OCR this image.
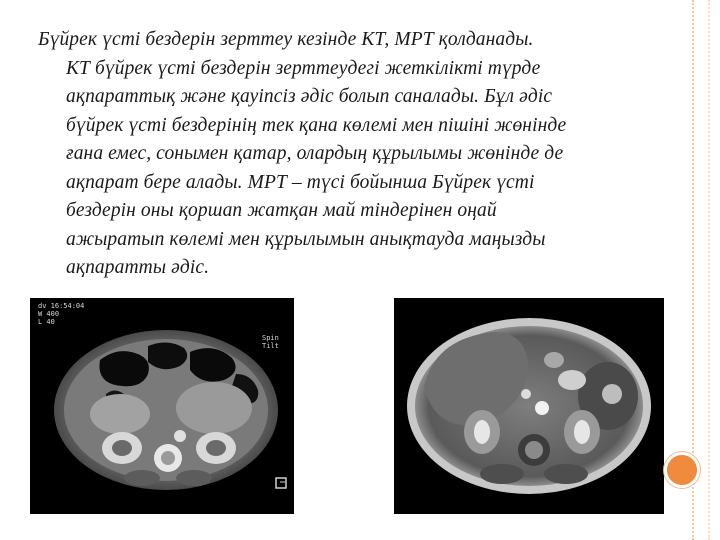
Бүйрек үсті бездерін зерттеу кезінде КТ, МРТ қолданады.
КТ бүйрек үсті бездерін зерттеудегі жеткілікті түрде
ақпараттық және қауіпсіз әдіс болып саналады. Бұл әдіс
бүйрек үсті бездерінің тек қана көлемі мен пішіні жөнінде
ғана емес, сонымен қатар, олардың құрылымы жөнінде де
ақпарат бере алады. МРТ – түсі бойынша Бүйрек үсті
бездерін оны қоршап жатқан май тіндерінен оңай
ажыратып көлемі мен құрылымын анықтауда маңызды
ақпаратты әдіс.
dv 16:54:04
W 400
L 40
Spin
Tilt
